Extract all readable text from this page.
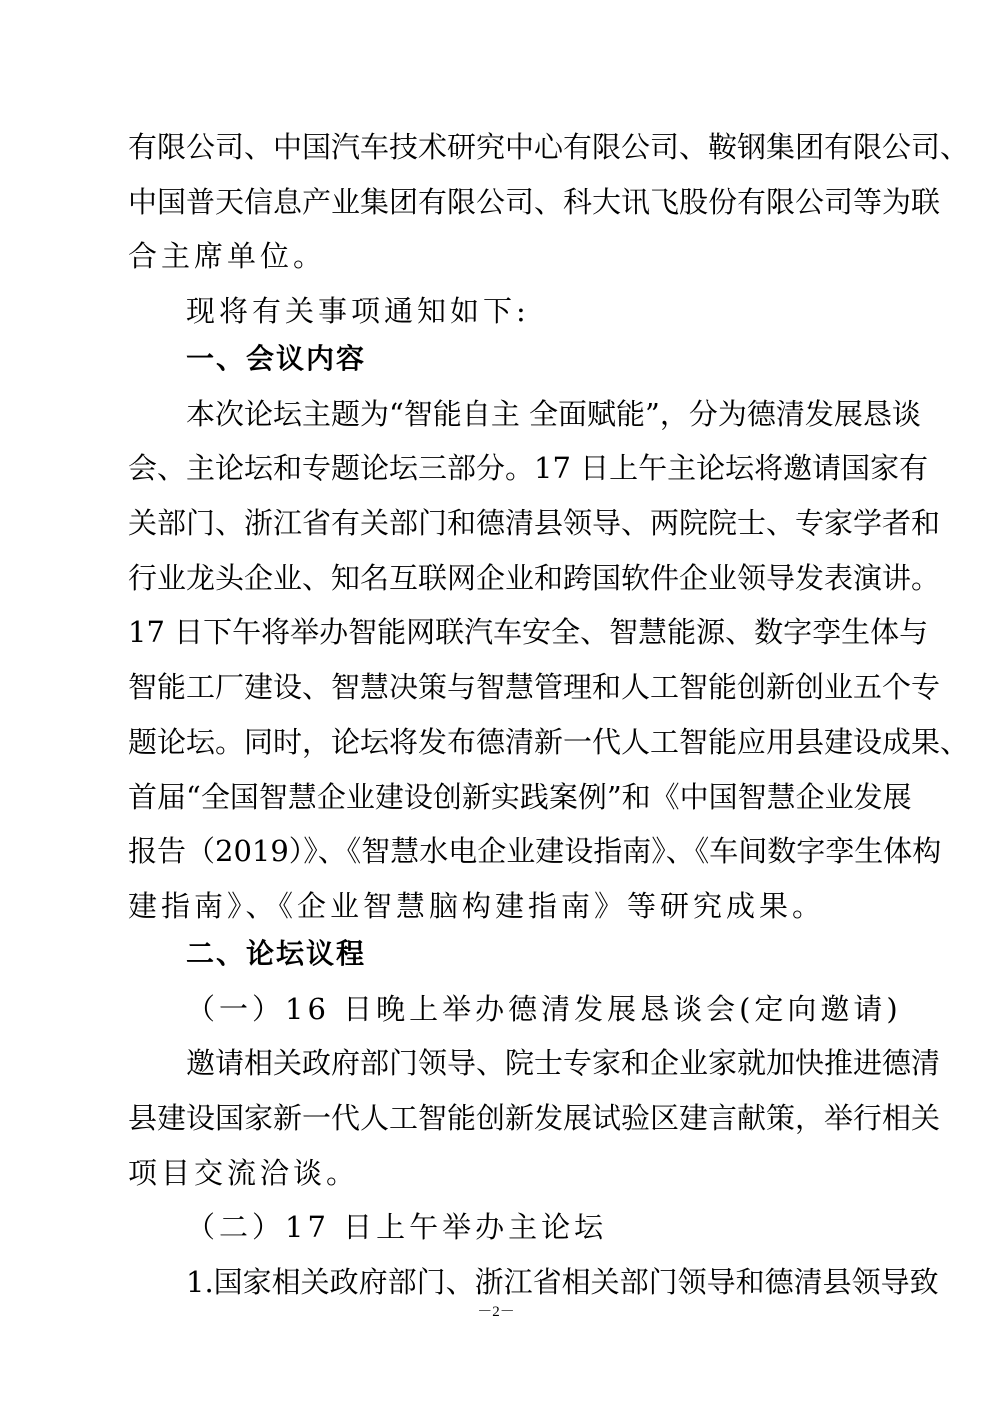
有限公司、中国汽车技术研究中心有限公司、鞍钢集团有限公司、
中国普天信息产业集团有限公司、科大讯飞股份有限公司等为联
合主席单位。
现将有关事项通知如下:
一、会议内容
本次论坛主题为“智能自主 全面赋能”，分为德清发展恳谈
会、主论坛和专题论坛三部分。17 日上午主论坛将邀请国家有
关部门、浙江省有关部门和德清县领导、两院院士、专家学者和
行业龙头企业、知名互联网企业和跨国软件企业领导发表演讲。
17 日下午将举办智能网联汽车安全、智慧能源、数字孪生体与
智能工厂建设、智慧决策与智慧管理和人工智能创新创业五个专
题论坛。同时，论坛将发布德清新一代人工智能应用县建设成果、
首届“全国智慧企业建设创新实践案例”和《中国智慧企业发展
报告（2019）》、《智慧水电企业建设指南》、《车间数字孪生体构
建指南》、《企业智慧脑构建指南》等研究成果。
二、论坛议程
（一）16 日晚上举办德清发展恳谈会(定向邀请)
邀请相关政府部门领导、院士专家和企业家就加快推进德清
县建设国家新一代人工智能创新发展试验区建言献策，举行相关
项目交流洽谈。
（二）17 日上午举办主论坛
－2－
1.国家相关政府部门、浙江省相关部门领导和德清县领导致
